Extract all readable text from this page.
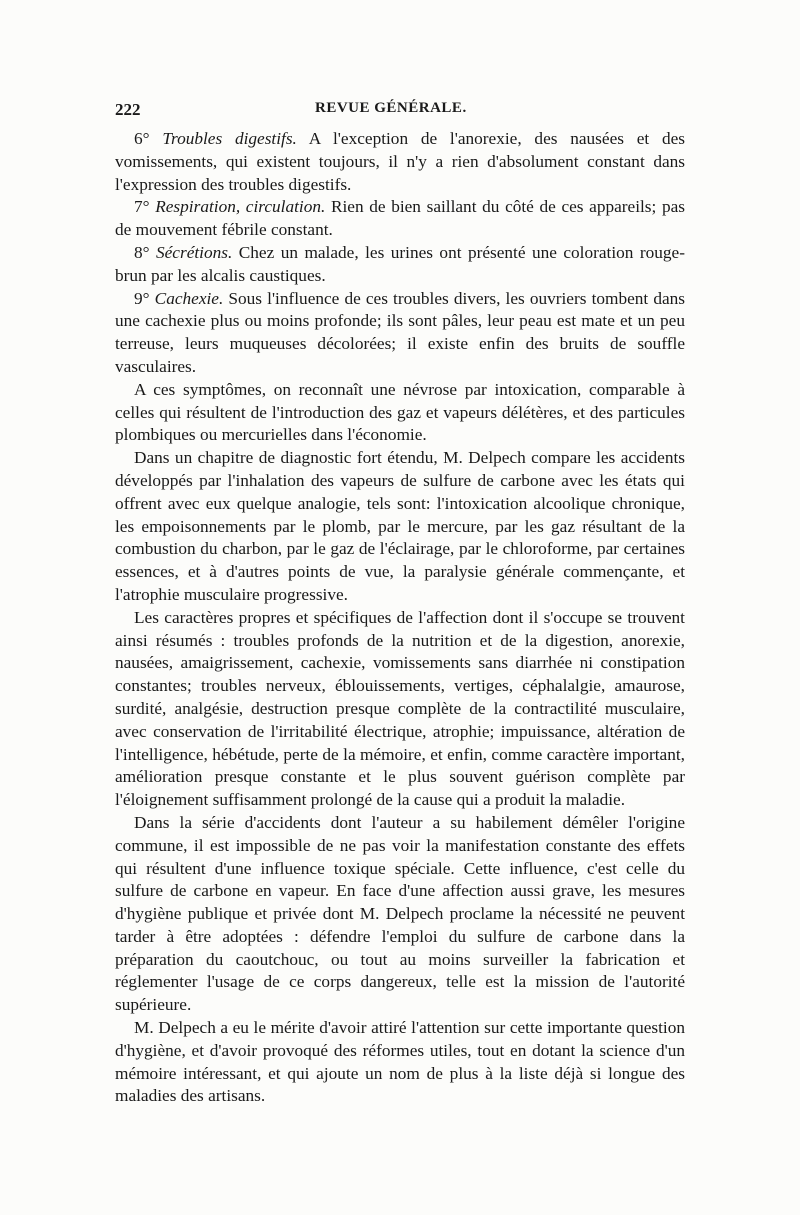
222	REVUE GÉNÉRALE.

6° Troubles digestifs. A l'exception de l'anorexie, des nausées et des vomissements, qui existent toujours, il n'y a rien d'absolument constant dans l'expression des troubles digestifs.

7° Respiration, circulation. Rien de bien saillant du côté de ces appareils; pas de mouvement fébrile constant.

8° Sécrétions. Chez un malade, les urines ont présenté une coloration rouge-brun par les alcalis caustiques.

9° Cachexie. Sous l'influence de ces troubles divers, les ouvriers tombent dans une cachexie plus ou moins profonde; ils sont pâles, leur peau est mate et un peu terreuse, leurs muqueuses décolorées; il existe enfin des bruits de souffle vasculaires.

A ces symptômes, on reconnaît une névrose par intoxication, comparable à celles qui résultent de l'introduction des gaz et vapeurs délétères, et des particules plombiques ou mercurielles dans l'économie.

Dans un chapitre de diagnostic fort étendu, M. Delpech compare les accidents développés par l'inhalation des vapeurs de sulfure de carbone avec les états qui offrent avec eux quelque analogie, tels sont: l'intoxication alcoolique chronique, les empoisonnements par le plomb, par le mercure, par les gaz résultant de la combustion du charbon, par le gaz de l'éclairage, par le chloroforme, par certaines essences, et à d'autres points de vue, la paralysie générale commençante, et l'atrophie musculaire progressive.

Les caractères propres et spécifiques de l'affection dont il s'occupe se trouvent ainsi résumés : troubles profonds de la nutrition et de la digestion, anorexie, nausées, amaigrissement, cachexie, vomissements sans diarrhée ni constipation constantes; troubles nerveux, éblouissements, vertiges, céphalalgie, amaurose, surdité, analgésie, destruction presque complète de la contractilité musculaire, avec conservation de l'irritabilité électrique, atrophie; impuissance, altération de l'intelligence, hébétude, perte de la mémoire, et enfin, comme caractère important, amélioration presque constante et le plus souvent guérison complète par l'éloignement suffisamment prolongé de la cause qui a produit la maladie.

Dans la série d'accidents dont l'auteur a su habilement démêler l'origine commune, il est impossible de ne pas voir la manifestation constante des effets qui résultent d'une influence toxique spéciale. Cette influence, c'est celle du sulfure de carbone en vapeur. En face d'une affection aussi grave, les mesures d'hygiène publique et privée dont M. Delpech proclame la nécessité ne peuvent tarder à être adoptées : défendre l'emploi du sulfure de carbone dans la préparation du caoutchouc, ou tout au moins surveiller la fabrication et réglementer l'usage de ce corps dangereux, telle est la mission de l'autorité supérieure.

M. Delpech a eu le mérite d'avoir attiré l'attention sur cette importante question d'hygiène, et d'avoir provoqué des réformes utiles, tout en dotant la science d'un mémoire intéressant, et qui ajoute un nom de plus à la liste déjà si longue des maladies des artisans.
